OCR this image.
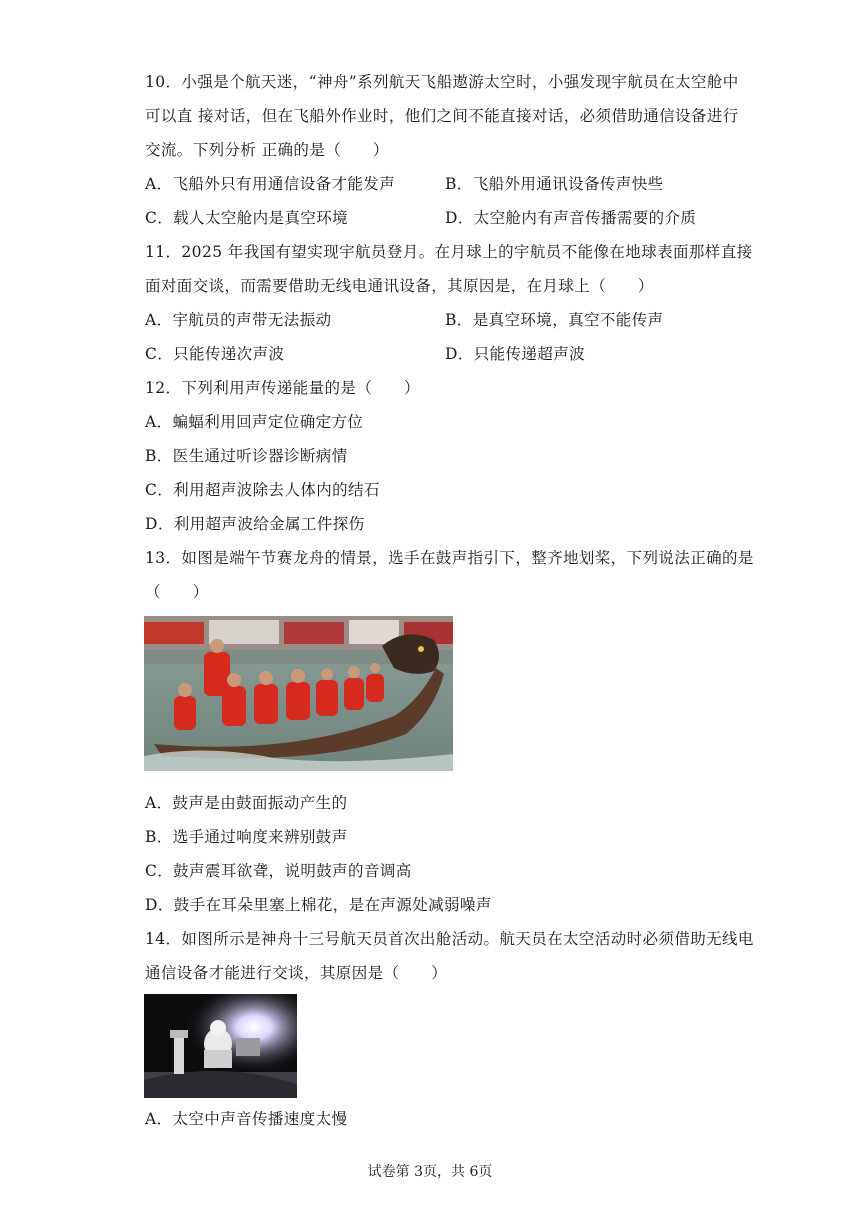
10．小强是个航天迷，“神舟”系列航天飞船遨游太空时，小强发现宇航员在太空舱中
可以直 接对话，但在飞船外作业时，他们之间不能直接对话，必须借助通信设备进行
交流。下列分析 正确的是（　　）
A．飞船外只有用通信设备才能发声	B．飞船外用通讯设备传声快些
C．载人太空舱内是真空环境	D．太空舱内有声音传播需要的介质
11．2025 年我国有望实现宇航员登月。在月球上的宇航员不能像在地球表面那样直接
面对面交谈，而需要借助无线电通讯设备，其原因是，在月球上（　　）
A．宇航员的声带无法振动	B．是真空环境，真空不能传声
C．只能传递次声波	D．只能传递超声波
12．下列利用声传递能量的是（　　）
A．蝙蝠利用回声定位确定方位
B．医生通过听诊器诊断病情
C．利用超声波除去人体内的结石
D．利用超声波给金属工件探伤
13．如图是端午节赛龙舟的情景，选手在鼓声指引下，整齐地划桨，下列说法正确的是
（　　）
A．鼓声是由鼓面振动产生的
B．选手通过响度来辨别鼓声
C．鼓声震耳欲聋，说明鼓声的音调高
D．鼓手在耳朵里塞上棉花，是在声源处减弱噪声
14．如图所示是神舟十三号航天员首次出舱活动。航天员在太空活动时必须借助无线电
通信设备才能进行交谈，其原因是（　　）
A．太空中声音传播速度太慢
试卷第 3页，共 6页
